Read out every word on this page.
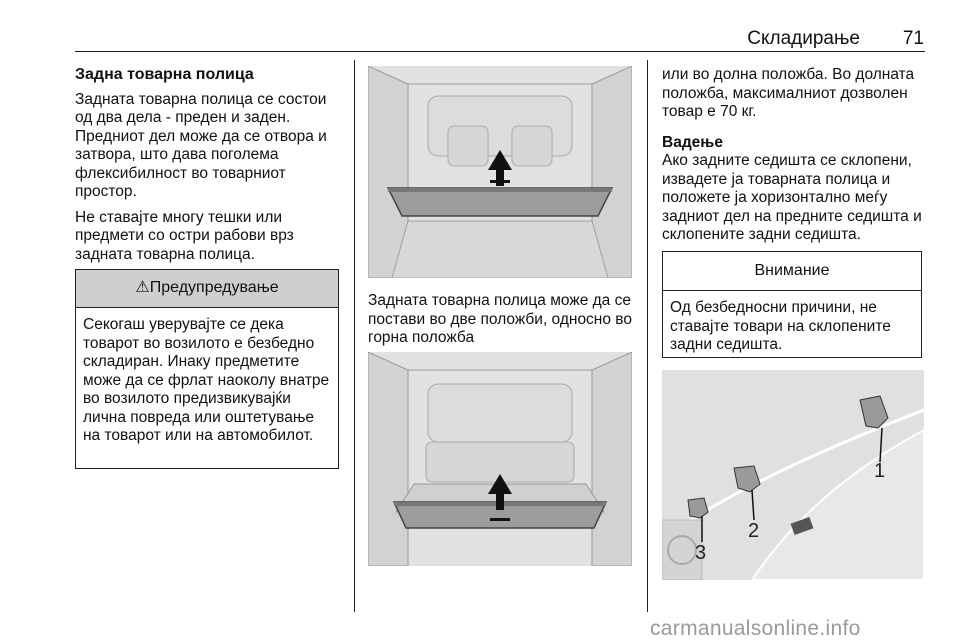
Складирање	71
Задна товарна полица

Задната товарна полица се состои од два дела - преден и заден. Предниот дел може да се отвора и затвора, што дава поголема флексибилност во товарниот простор.

Не ставајте многу тешки или предмети со остри рабови врз задната товарна полица.

⚠Предупредување
Секогаш уверувајте се дека товарот во возилото е безбедно складиран. Инаку предметите може да се фрлат наоколу внатре во возилото предизвикувајќи лична повреда или оштетување на товарот или на автомобилот.

Задната товарна полица може да се постави во две положби, односно во горна положба

или во долна положба. Во долната положба, максималниот дозволен товар е 70 кг.

Вадење

Ако задните седишта се склопени, извадете ја товарната полица и положете ја хоризонтално меѓу задниот дел на предните седишта и склопените задни седишта.

Внимание
Од безбедносни причини, не ставајте товари на склопените задни седишта.
1
2
3
carmanualsonline.info
